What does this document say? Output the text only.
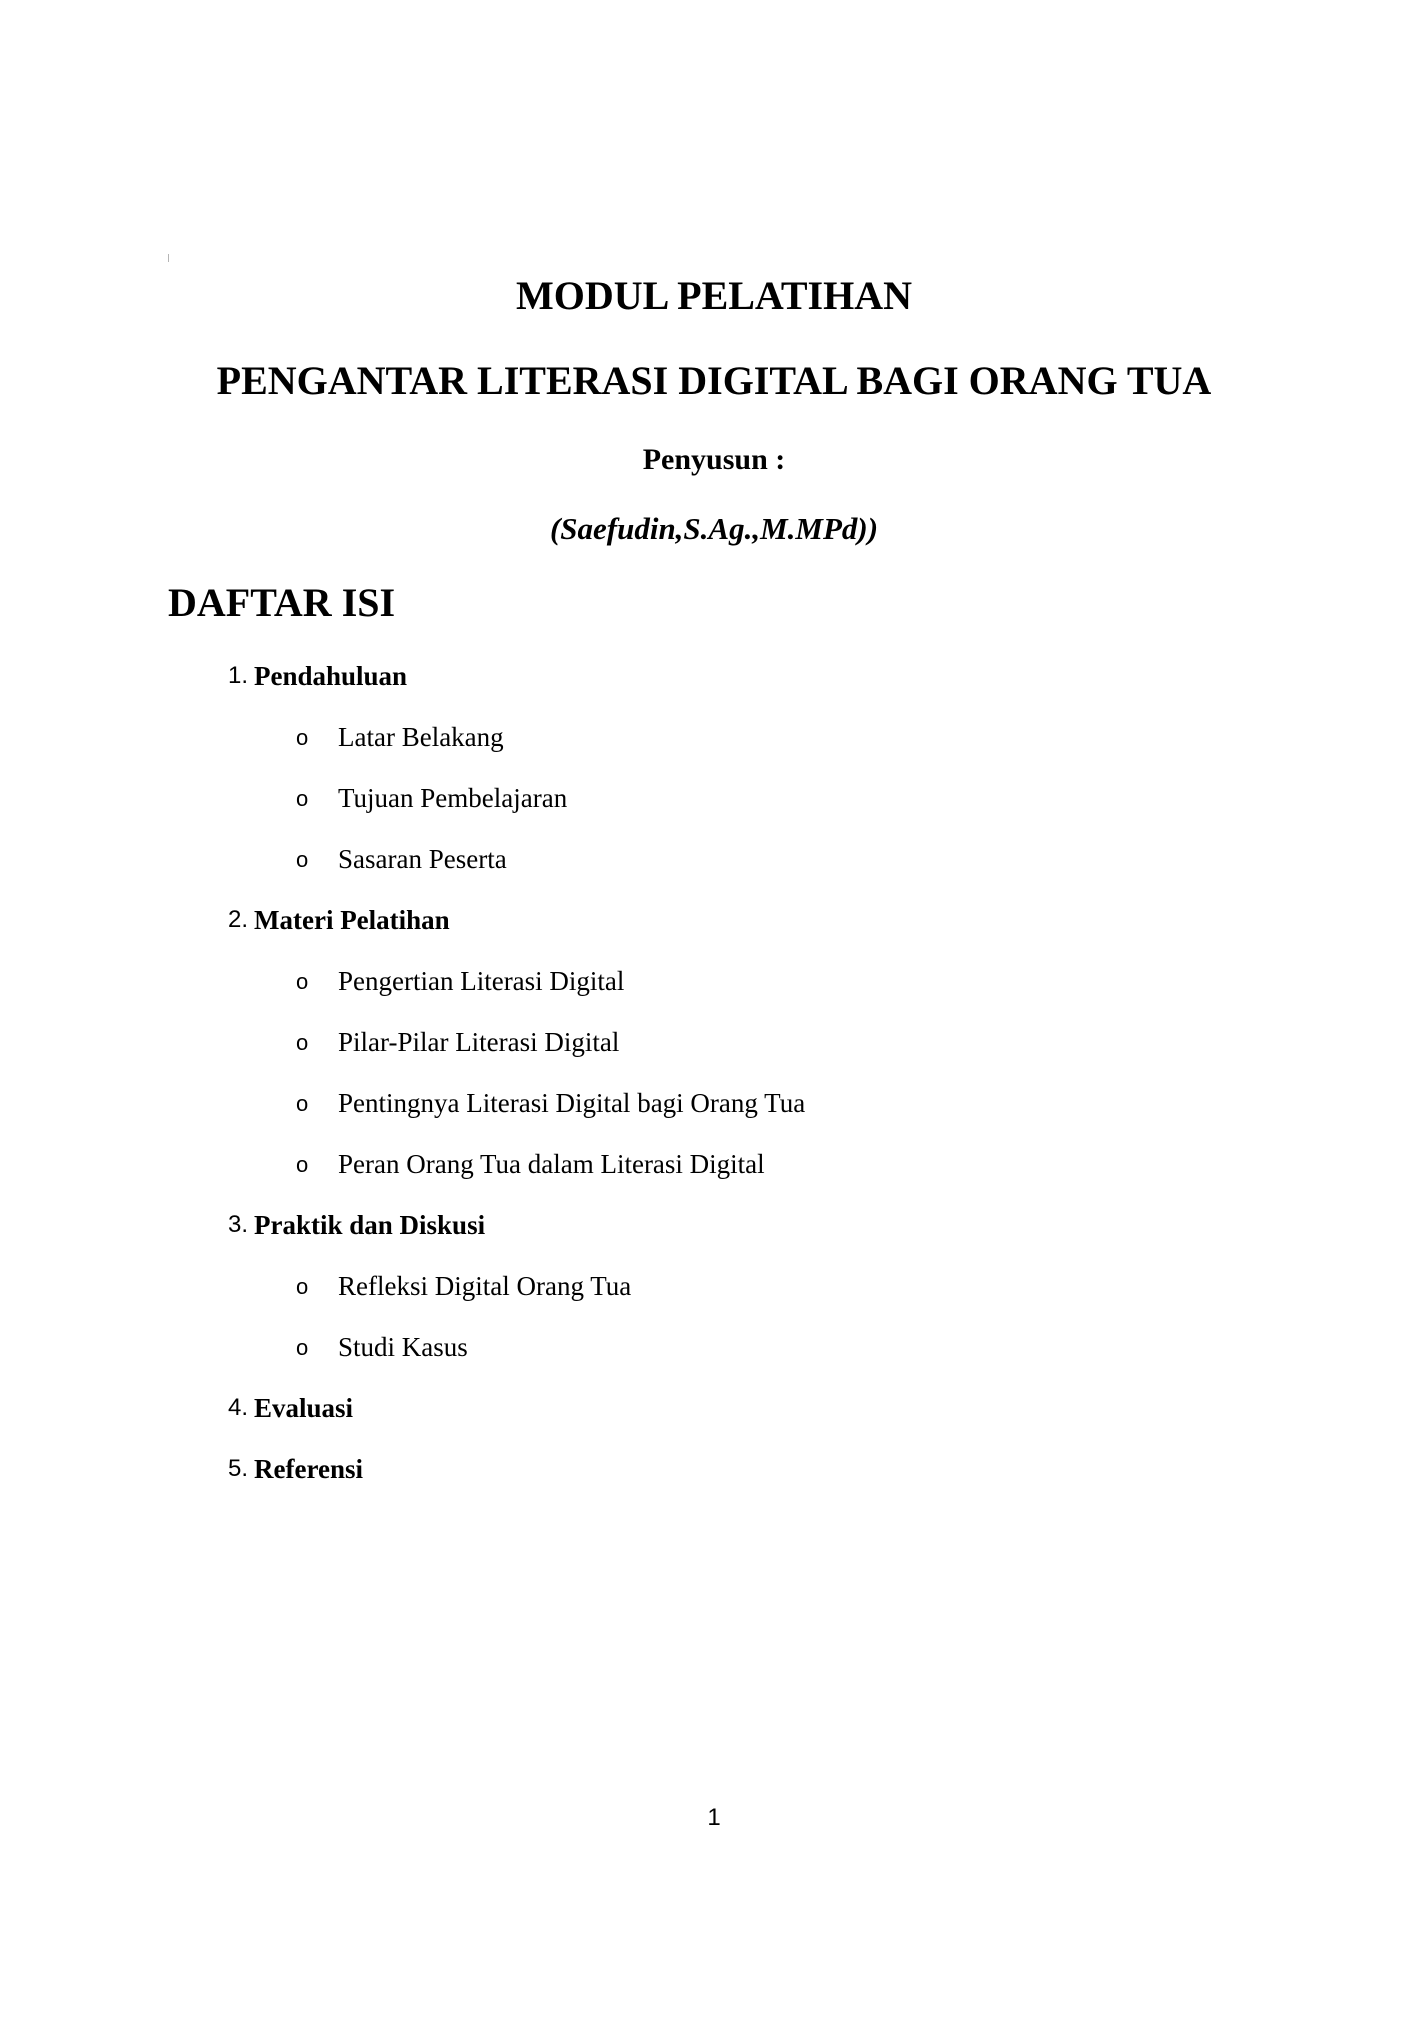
MODUL PELATIHAN
PENGANTAR LITERASI DIGITAL BAGI ORANG TUA
Penyusun :
(Saefudin,S.Ag.,M.MPd))
DAFTAR ISI
1. Pendahuluan
o Latar Belakang
o Tujuan Pembelajaran
o Sasaran Peserta
2. Materi Pelatihan
o Pengertian Literasi Digital
o Pilar-Pilar Literasi Digital
o Pentingnya Literasi Digital bagi Orang Tua
o Peran Orang Tua dalam Literasi Digital
3. Praktik dan Diskusi
o Refleksi Digital Orang Tua
o Studi Kasus
4. Evaluasi
5. Referensi
1
